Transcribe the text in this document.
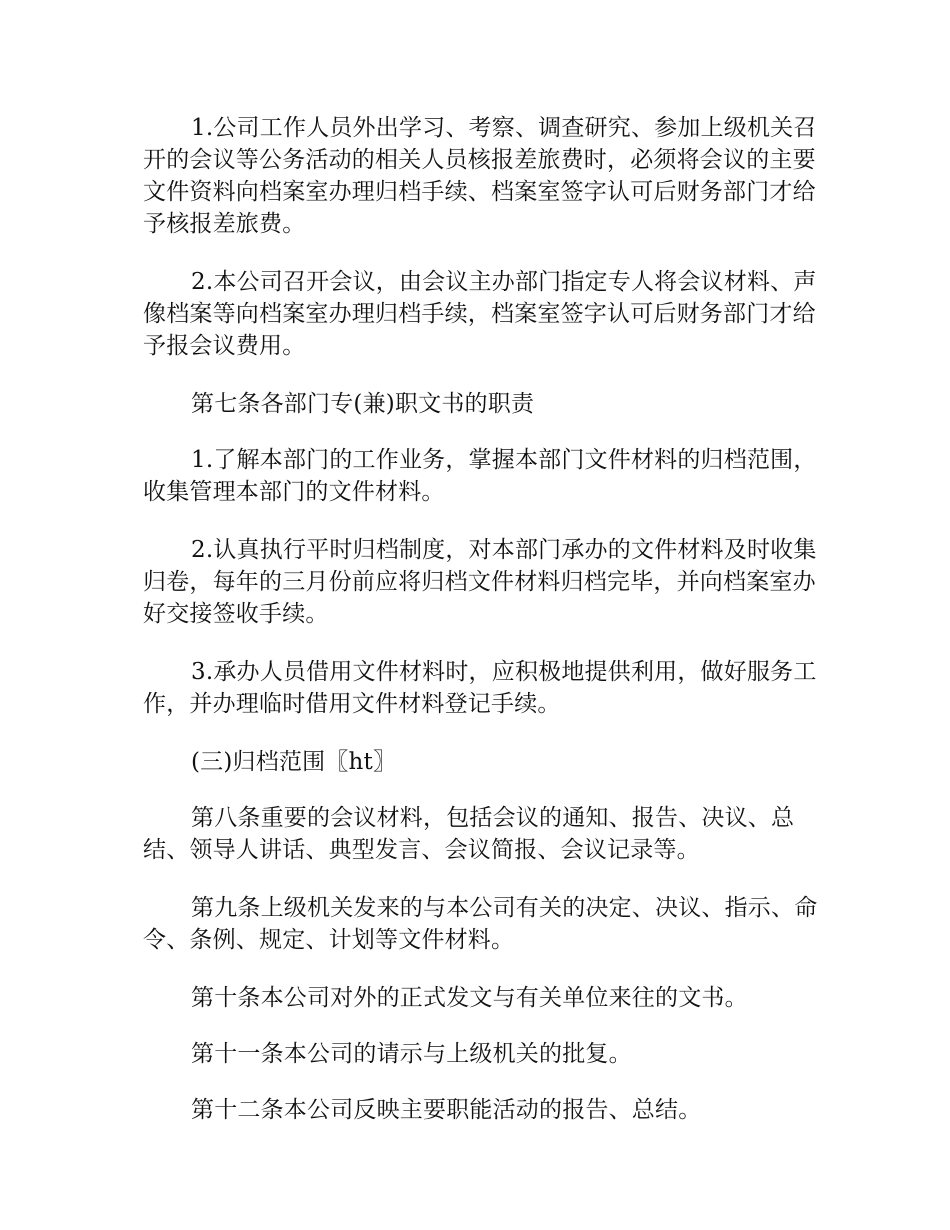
1.公司工作人员外出学习、考察、调查研究、参加上级机关召开的会议等公务活动的相关人员核报差旅费时，必须将会议的主要文件资料向档案室办理归档手续、档案室签字认可后财务部门才给予核报差旅费。

2.本公司召开会议，由会议主办部门指定专人将会议材料、声像档案等向档案室办理归档手续，档案室签字认可后财务部门才给予报会议费用。

第七条各部门专(兼)职文书的职责

1.了解本部门的工作业务，掌握本部门文件材料的归档范围，收集管理本部门的文件材料。

2.认真执行平时归档制度，对本部门承办的文件材料及时收集归卷，每年的三月份前应将归档文件材料归档完毕，并向档案室办好交接签收手续。

3.承办人员借用文件材料时，应积极地提供利用，做好服务工作，并办理临时借用文件材料登记手续。

(三)归档范围〖ht〗

第八条重要的会议材料，包括会议的通知、报告、决议、总结、领导人讲话、典型发言、会议简报、会议记录等。

第九条上级机关发来的与本公司有关的决定、决议、指示、命令、条例、规定、计划等文件材料。

第十条本公司对外的正式发文与有关单位来往的文书。

第十一条本公司的请示与上级机关的批复。

第十二条本公司反映主要职能活动的报告、总结。
